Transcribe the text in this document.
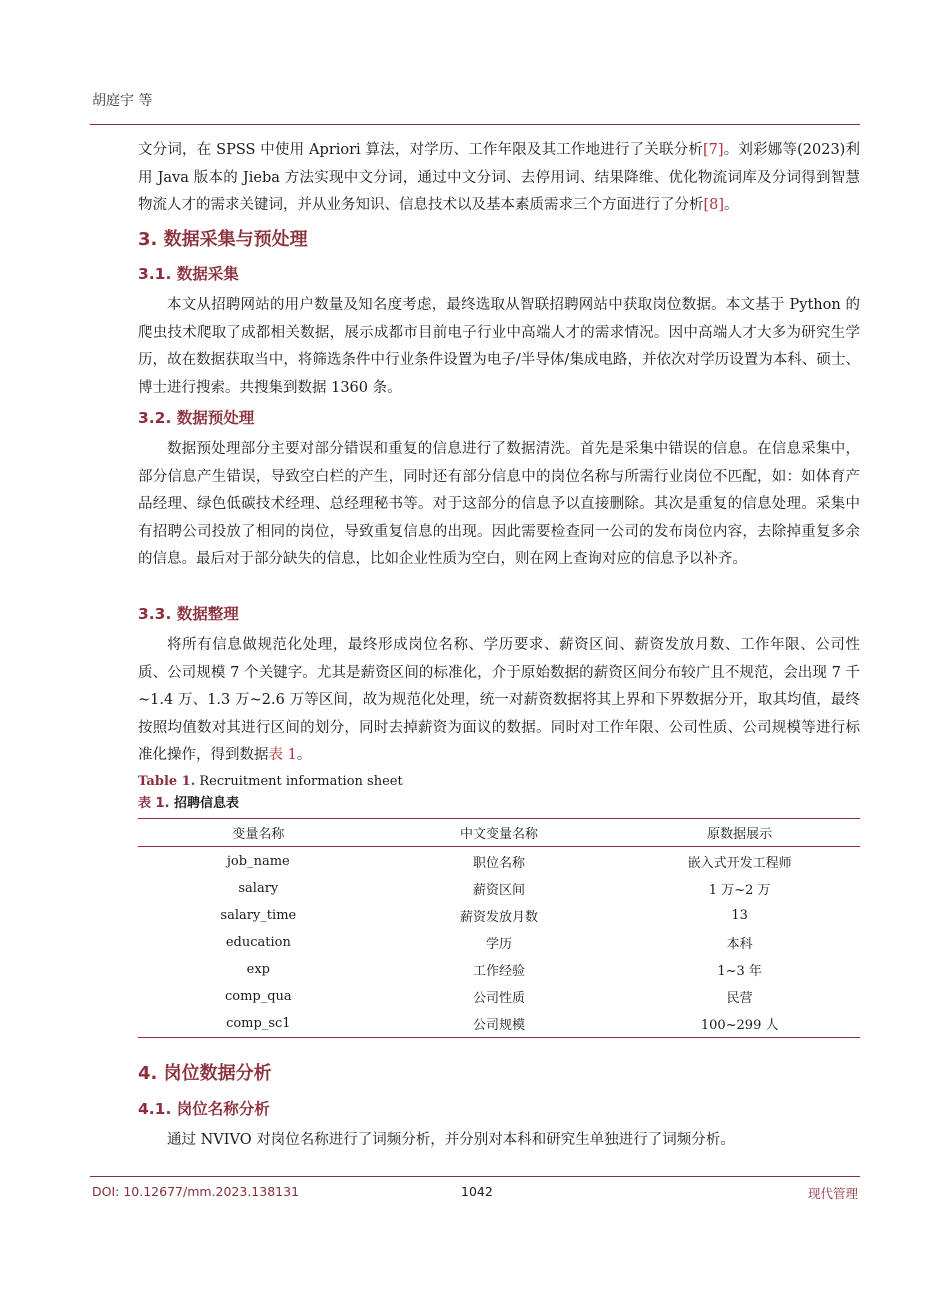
胡庭宇 等

文分词，在 SPSS 中使用 Apriori 算法，对学历、工作年限及其工作地进行了关联分析[7]。刘彩娜等(2023)利用 Java 版本的 Jieba 方法实现中文分词，通过中文分词、去停用词、结果降维、优化物流词库及分词得到智慧物流人才的需求关键词，并从业务知识、信息技术以及基本素质需求三个方面进行了分析[8]。

3. 数据采集与预处理
3.1. 数据采集

本文从招聘网站的用户数量及知名度考虑，最终选取从智联招聘网站中获取岗位数据。本文基于 Python 的爬虫技术爬取了成都相关数据，展示成都市目前电子行业中高端人才的需求情况。因中高端人才大多为研究生学历，故在数据获取当中，将筛选条件中行业条件设置为电子/半导体/集成电路，并依次对学历设置为本科、硕士、博士进行搜索。共搜集到数据 1360 条。

3.2. 数据预处理

数据预处理部分主要对部分错误和重复的信息进行了数据清洗。首先是采集中错误的信息。在信息采集中，部分信息产生错误，导致空白栏的产生，同时还有部分信息中的岗位名称与所需行业岗位不匹配，如：如体育产品经理、绿色低碳技术经理、总经理秘书等。对于这部分的信息予以直接删除。其次是重复的信息处理。采集中有招聘公司投放了相同的岗位，导致重复信息的出现。因此需要检查同一公司的发布岗位内容，去除掉重复多余的信息。最后对于部分缺失的信息，比如企业性质为空白，则在网上查询对应的信息予以补齐。

3.3. 数据整理

将所有信息做规范化处理，最终形成岗位名称、学历要求、薪资区间、薪资发放月数、工作年限、公司性质、公司规模 7 个关键字。尤其是薪资区间的标准化，介于原始数据的薪资区间分布较广且不规范，会出现 7 千~1.4 万、1.3 万~2.6 万等区间，故为规范化处理，统一对薪资数据将其上界和下界数据分开，取其均值，最终按照均值数对其进行区间的划分，同时去掉薪资为面议的数据。同时对工作年限、公司性质、公司规模等进行标准化操作，得到数据表 1。

Table 1. Recruitment information sheet

表 1. 招聘信息表

变量名称	中文变量名称	原数据展示
job_name	职位名称	嵌入式开发工程师
salary	薪资区间	1 万~2 万
salary_time	薪资发放月数	13
education	学历	本科
exp	工作经验	1~3 年
comp_qua	公司性质	民营
comp_sc1	公司规模	100~299 人
4. 岗位数据分析
4.1. 岗位名称分析

通过 NVIVO 对岗位名称进行了词频分析，并分别对本科和研究生单独进行了词频分析。

DOI: 10.12677/mm.2023.138131	1042	现代管理
